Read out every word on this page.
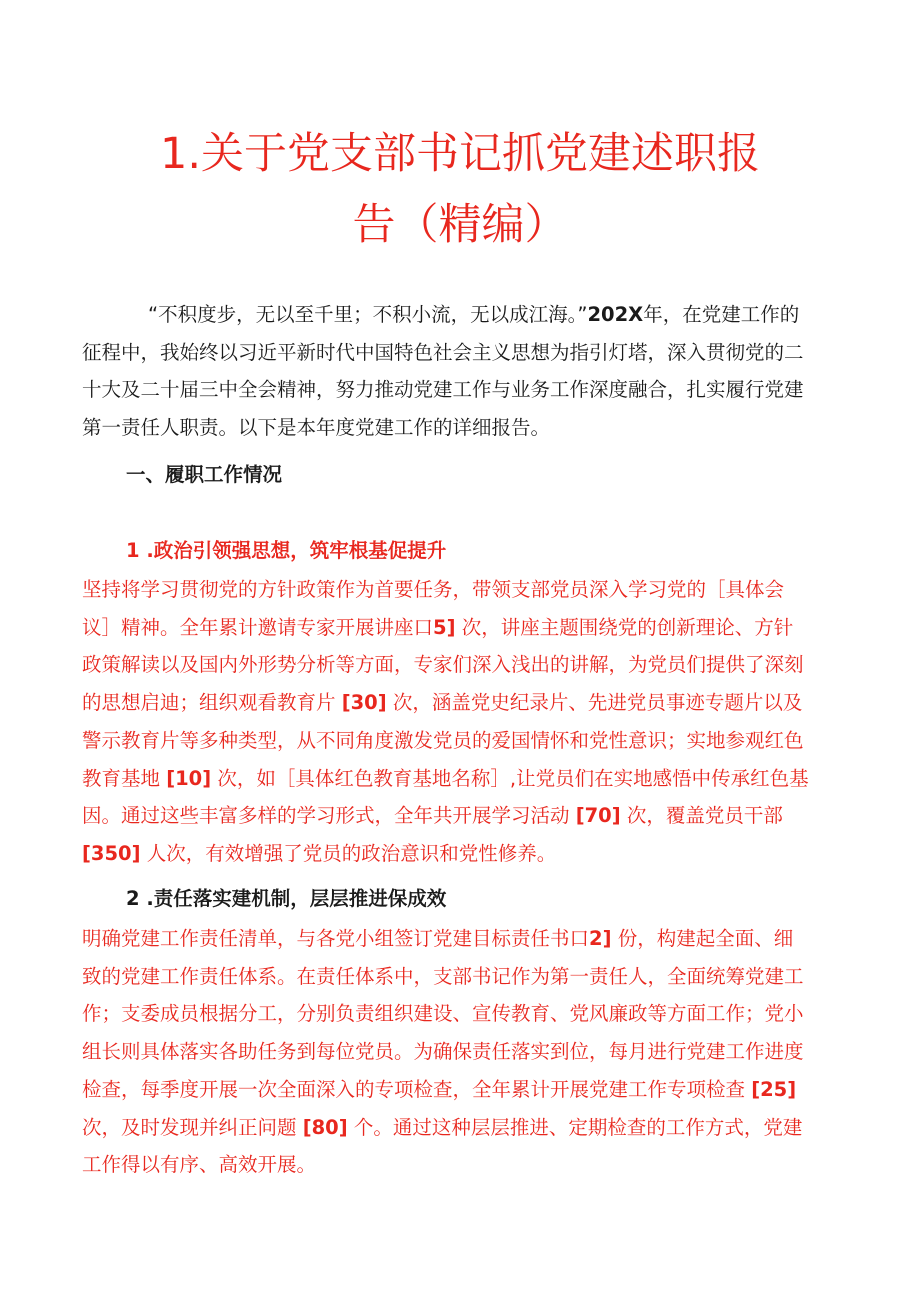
1.关于党支部书记抓党建述职报
告（精编）

“不积度步，无以至千里；不积小流，无以成江海。”202X年，在党建工作的征程中，我始终以习近平新时代中国特色社会主义思想为指引灯塔，深入贯彻党的二十大及二十届三中全会精神，努力推动党建工作与业务工作深度融合，扎实履行党建第一责任人职责。以下是本年度党建工作的详细报告。

一、履职工作情况
1 .政治引领强思想，筑牢根基促提升

坚持将学习贯彻党的方针政策作为首要任务，带领支部党员深入学习党的［具体会议］精神。全年累计邀请专家开展讲座口5] 次，讲座主题围绕党的创新理论、方针政策解读以及国内外形势分析等方面，专家们深入浅出的讲解，为党员们提供了深刻的思想启迪；组织观看教育片 [30] 次，涵盖党史纪录片、先进党员事迹专题片以及警示教育片等多种类型，从不同角度激发党员的爱国情怀和党性意识；实地参观红色教育基地 [10] 次，如［具体红色教育基地名称］,让党员们在实地感悟中传承红色基因。通过这些丰富多样的学习形式，全年共开展学习活动 [70] 次，覆盖党员干部 [350] 人次，有效增强了党员的政治意识和党性修养。

2 .责任落实建机制，层层推进保成效

明确党建工作责任清单，与各党小组签订党建目标责任书口2] 份，构建起全面、细致的党建工作责任体系。在责任体系中，支部书记作为第一责任人，全面统筹党建工作；支委成员根据分工，分别负责组织建设、宣传教育、党风廉政等方面工作；党小组长则具体落实各助任务到每位党员。为确保责任落实到位，每月进行党建工作进度检查，每季度开展一次全面深入的专项检查，全年累计开展党建工作专项检查 [25] 次，及时发现并纠正问题 [80] 个。通过这种层层推进、定期检查的工作方式，党建工作得以有序、高效开展。
